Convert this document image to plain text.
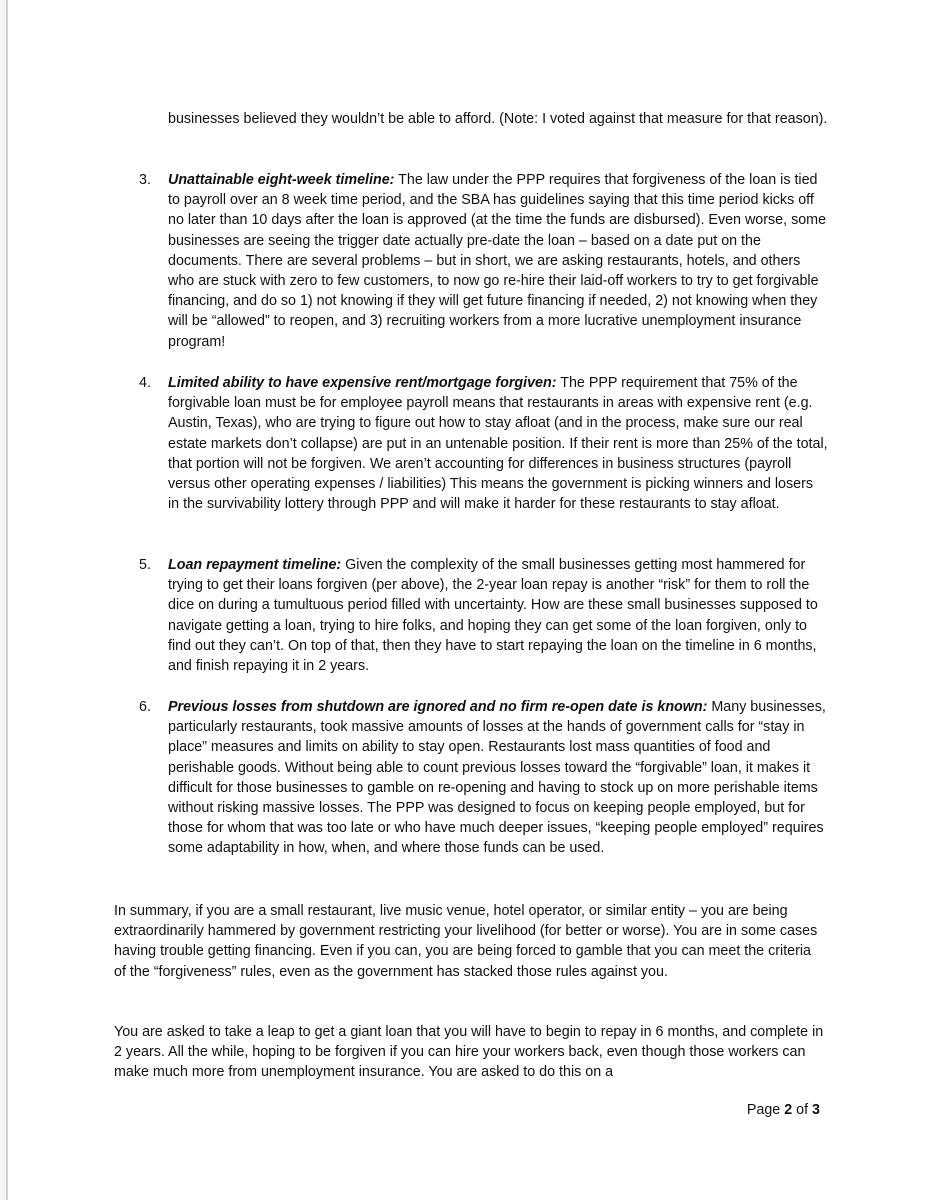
businesses believed they wouldn’t be able to afford. (Note: I voted against that measure for that reason).

3. Unattainable eight-week timeline: The law under the PPP requires that forgiveness of the loan is tied to payroll over an 8 week time period, and the SBA has guidelines saying that this time period kicks off no later than 10 days after the loan is approved (at the time the funds are disbursed). Even worse, some businesses are seeing the trigger date actually pre-date the loan – based on a date put on the documents. There are several problems – but in short, we are asking restaurants, hotels, and others who are stuck with zero to few customers, to now go re-hire their laid-off workers to try to get forgivable financing, and do so 1) not knowing if they will get future financing if needed, 2) not knowing when they will be “allowed” to reopen, and 3) recruiting workers from a more lucrative unemployment insurance program!

4. Limited ability to have expensive rent/mortgage forgiven: The PPP requirement that 75% of the forgivable loan must be for employee payroll means that restaurants in areas with expensive rent (e.g. Austin, Texas), who are trying to figure out how to stay afloat (and in the process, make sure our real estate markets don’t collapse) are put in an untenable position. If their rent is more than 25% of the total, that portion will not be forgiven. We aren’t accounting for differences in business structures (payroll versus other operating expenses / liabilities) This means the government is picking winners and losers in the survivability lottery through PPP and will make it harder for these restaurants to stay afloat.

5. Loan repayment timeline: Given the complexity of the small businesses getting most hammered for trying to get their loans forgiven (per above), the 2-year loan repay is another “risk” for them to roll the dice on during a tumultuous period filled with uncertainty. How are these small businesses supposed to navigate getting a loan, trying to hire folks, and hoping they can get some of the loan forgiven, only to find out they can’t. On top of that, then they have to start repaying the loan on the timeline in 6 months, and finish repaying it in 2 years.

6. Previous losses from shutdown are ignored and no firm re-open date is known: Many businesses, particularly restaurants, took massive amounts of losses at the hands of government calls for “stay in place” measures and limits on ability to stay open. Restaurants lost mass quantities of food and perishable goods. Without being able to count previous losses toward the “forgivable” loan, it makes it difficult for those businesses to gamble on re-opening and having to stock up on more perishable items without risking massive losses. The PPP was designed to focus on keeping people employed, but for those for whom that was too late or who have much deeper issues, “keeping people employed” requires some adaptability in how, when, and where those funds can be used.

In summary, if you are a small restaurant, live music venue, hotel operator, or similar entity – you are being extraordinarily hammered by government restricting your livelihood (for better or worse). You are in some cases having trouble getting financing. Even if you can, you are being forced to gamble that you can meet the criteria of the “forgiveness” rules, even as the government has stacked those rules against you.

You are asked to take a leap to get a giant loan that you will have to begin to repay in 6 months, and complete in 2 years. All the while, hoping to be forgiven if you can hire your workers back, even though those workers can make much more from unemployment insurance. You are asked to do this on a

Page 2 of 3
